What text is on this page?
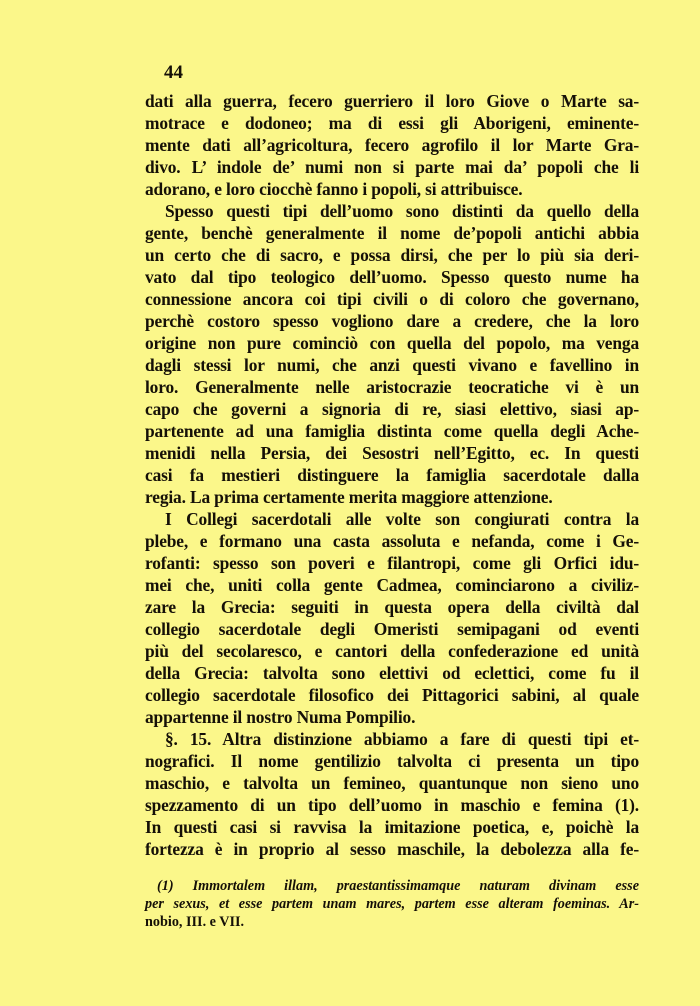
44
dati alla guerra, fecero guerriero il loro Giove o Marte sa-
motrace e dodoneo; ma di essi gli Aborigeni, eminente-
mente dati all’agricoltura, fecero agrofilo il lor Marte Gra-
divo. L’ indole de’ numi non si parte mai da’ popoli che li
adorano, e loro ciocchè fanno i popoli, si attribuisce.
Spesso questi tipi dell’uomo sono distinti da quello della
gente, benchè generalmente il nome de’popoli antichi abbia
un certo che di sacro, e possa dirsi, che per lo più sia deri-
vato dal tipo teologico dell’uomo. Spesso questo nume ha
connessione ancora coi tipi civili o di coloro che governano,
perchè costoro spesso vogliono dare a credere, che la loro
origine non pure cominciò con quella del popolo, ma venga
dagli stessi lor numi, che anzi questi vivano e favellino in
loro. Generalmente nelle aristocrazie teocratiche vi è un
capo che governi a signoria di re, siasi elettivo, siasi ap-
partenente ad una famiglia distinta come quella degli Ache-
menidi nella Persia, dei Sesostri nell’Egitto, ec. In questi
casi fa mestieri distinguere la famiglia sacerdotale dalla
regia. La prima certamente merita maggiore attenzione.
I Collegi sacerdotali alle volte son congiurati contra la
plebe, e formano una casta assoluta e nefanda, come i Ge-
rofanti: spesso son poveri e filantropi, come gli Orfici idu-
mei che, uniti colla gente Cadmea, cominciarono a civiliz-
zare la Grecia: seguiti in questa opera della civiltà dal
collegio sacerdotale degli Omeristi semipagani od eventi
più del secolaresco, e cantori della confederazione ed unità
della Grecia: talvolta sono elettivi od eclettici, come fu il
collegio sacerdotale filosofico dei Pittagorici sabini, al quale
appartenne il nostro Numa Pompilio.
§. 15. Altra distinzione abbiamo a fare di questi tipi et-
nografici. Il nome gentilizio talvolta ci presenta un tipo
maschio, e talvolta un femineo, quantunque non sieno uno
spezzamento di un tipo dell’uomo in maschio e femina (1).
In questi casi si ravvisa la imitazione poetica, e, poichè la
fortezza è in proprio al sesso maschile, la debolezza alla fe-
(1) Immortalem illam, praestantissimamque naturam divinam esse
per sexus, et esse partem unam mares, partem esse alteram foeminas. Ar-
nobio, III. e VII.
